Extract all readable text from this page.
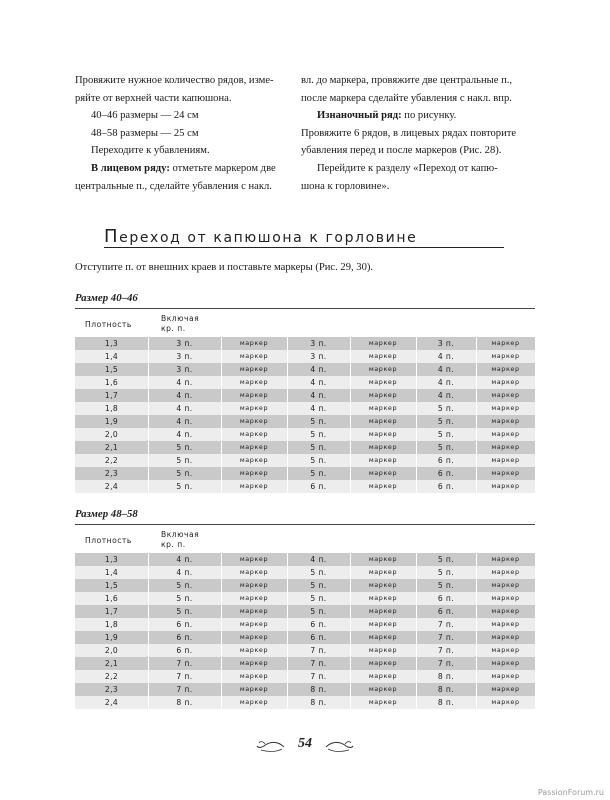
Провяжите нужное количество рядов, изме-

ряйте от верхней части капюшона.

40–46 размеры — 24 см

48–58 размеры — 25 см

Переходите к убавлениям.

В лицевом ряду: отметьте маркером две

центральные п., сделайте убавления с накл.

вл. до маркера, провяжите две центральные п.,

после маркера сделайте убавления с накл. впр.

Изнаночный ряд: по рисунку.

Провяжите 6 рядов, в лицевых рядах повторите

убавления перед и после маркеров (Рис. 28).

Перейдите к разделу «Переход от капю-

шона к горловине».

Переход от капюшона к горловине
Отступите п. от внешних краев и поставьте маркеры (Рис. 29, 30).
Размер 40–46
Плотность
Включая
кр. п.
1,3	3 п.	маркер	3 п.	маркер	3 п.	маркер
1,4	3 п.	маркер	3 п.	маркер	4 п.	маркер
1,5	3 п.	маркер	4 п.	маркер	4 п.	маркер
1,6	4 п.	маркер	4 п.	маркер	4 п.	маркер
1,7	4 п.	маркер	4 п.	маркер	4 п.	маркер
1,8	4 п.	маркер	4 п.	маркер	5 п.	маркер
1,9	4 п.	маркер	5 п.	маркер	5 п.	маркер
2,0	4 п.	маркер	5 п.	маркер	5 п.	маркер
2,1	5 п.	маркер	5 п.	маркер	5 п.	маркер
2,2	5 п.	маркер	5 п.	маркер	6 п.	маркер
2,3	5 п.	маркер	5 п.	маркер	6 п.	маркер
2,4	5 п.	маркер	6 п.	маркер	6 п.	маркер
Размер 48–58
Плотность
Включая
кр. п.
1,3	4 п.	маркер	4 п.	маркер	5 п.	маркер
1,4	4 п.	маркер	5 п.	маркер	5 п.	маркер
1,5	5 п.	маркер	5 п.	маркер	5 п.	маркер
1,6	5 п.	маркер	5 п.	маркер	6 п.	маркер
1,7	5 п.	маркер	5 п.	маркер	6 п.	маркер
1,8	6 п.	маркер	6 п.	маркер	7 п.	маркер
1,9	6 п.	маркер	6 п.	маркер	7 п.	маркер
2,0	6 п.	маркер	7 п.	маркер	7 п.	маркер
2,1	7 п.	маркер	7 п.	маркер	7 п.	маркер
2,2	7 п.	маркер	7 п.	маркер	8 п.	маркер
2,3	7 п.	маркер	8 п.	маркер	8 п.	маркер
2,4	8 п.	маркер	8 п.	маркер	8 п.	маркер
54
PassionForum.ru
